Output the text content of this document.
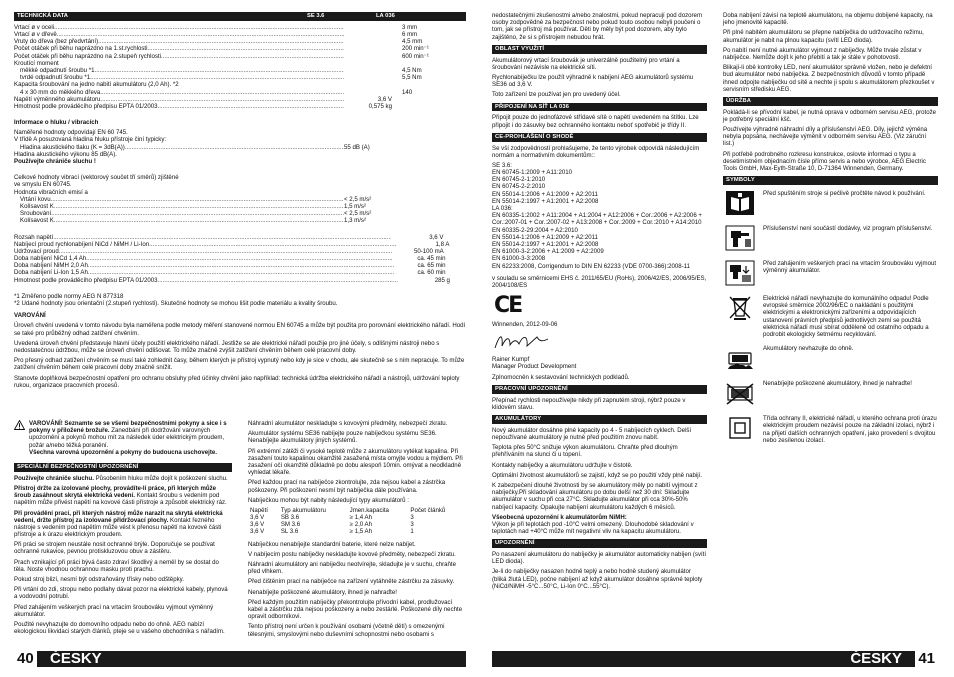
TECHNICKÁ DATA	SE 3.6	LA 036
Vrtací ø v oceli .....	3 mm
Vrtací ø v dřevě .....	6 mm
Vruty do dřeva (bez předvrtání) .....	4,5 mm
Počet otáček při běhu naprázdno na 1.st.rychlosti .....	200 min⁻¹
Počet otáček při běhu naprázdno na 2.stupeň rychlosti .....	600 min⁻¹
Kroutící moment
měkké odpadnutí šroubu *1 .....	4,5 Nm
tvrdé odpadnutí šroubu *1 .....	5,5 Nm
Kapacita šroubování na jedno nabití akumulátoru (2,0 Ah). *2
4 x 30 mm do měkkého dřeva .....	140
Napětí výměnného akumulátoru .....	3,6 V
Hmotnost podle prováděcího předpisu EPTA 01/2003 .....	0,575 kg

Informace o hluku / vibracích

Naměřené hodnoty odpovídají EN 60 745.
V třídě A posuzovaná hladina hluku přístroje činí typicky:
Hladina akustického tlaku (K = 3dB(A)) .....	55 dB (A)
Hladina akustického výkonu 85 dB(A).
Používejte chrániče sluchu !
Celkové hodnoty vibrací (vektorový součet tří směrů) zjištěné
ve smyslu EN 60745.
Hodnota vibračních emisí a
Vrtání kovu .....	< 2,5 m/s²
Kolísavost K .....	1,5 m/s²
Šroubování .....	< 2,5 m/s²
Kolísavost K .....	1,3 m/s²
Rozsah napětí .....	3,6 V
Nabíjecí proud rychlonabíjení NiCd / NiMH / Li-Ion .....	1,8 A
Udržovací proud .....	50-100 mA
Doba nabíjení NiCd 1,4 Ah .....	ca. 45 min
Doba nabíjení NiMH 2,0 Ah .....	ca. 65 min
Doba nabíjení Li-Ion 1,5 Ah .....	ca. 60 min
Hmotnost podle prováděcího předpisu EPTA 01/2003 .....	285 g
*1 Změřeno podle normy AEG N 877318
*2 Udané hodnoty jsou orientační (2.stupeň rychlosti). Skutečné hodnoty se mohou lišit podle materiálu a kvality šroubu.

VAROVÁNÍ

Úroveň chvění uvedená v tomto návodu byla naměřena podle metody měření stanovené normou EN 60745 a může být použita pro porovnání elektrického nářadí. Hodí se také pro průběžný odhad zatížení chvěním.

Uvedená úroveň chvění představuje hlavní účely použití elektrického nářadí. Jestliže se ale elektrické nářadí použije pro jiné účely, s odlišnými nástroji nebo s nedostatečnou údržbou, může se úroveň chvění odlišovat. To může značně zvýšit zatížení chvěním během celé pracovní doby.

Pro přesný odhad zatížení chvěním se musí také zohlednit časy, během kterých je přístroj vypnutý nebo kdy je sice v chodu, ale skutečně se s ním nepracuje. To může zatížení chvěním během celé pracovní doby značně snížit.

Stanovte doplňková bezpečnostní opatření pro ochranu obsluhy před účinky chvění jako například: technická údržba elektrického nářadí a nástrojů, udržování teploty rukou, organizace pracovních procesů.

VAROVÁNÍ! Seznamte se se všemi bezpečnostními pokyny a sice i s pokyny v přiložené brožuře. Zanedbání při dodržování varovných upozornění a pokynů mohou mít za následek úder elektrickým proudem, požár a/nebo těžká poranění.
Všechna varovná upozornění a pokyny do budoucna uschovejte.

SPECIÁLNÍ BEZPEČNOSTNÍ UPOZORNĚNÍ

Používejte chrániče sluchu. Působením hluku může dojít k poškození sluchu.

Přístroj držte za izolované plochy, provádíte-li práce, při kterých může šroub zasáhnout skrytá elektrická vedení. Kontakt šroubu s vedením pod napětím může přivést napětí na kovové části přístroje a způsobit elektrický ráz.

Při provádění prací, při kterých nástroj může narazit na skrytá elektrická vedení, držte přístroj za izolované přidržovací plochy. Kontakt řezného nástroje s vedením pod napětím může vést k přenosu napětí na kovové části přístroje a k úrazu elektrickým proudem.

Při práci se strojem neustále nosit ochranné brýle. Doporučuje se používat ochranné rukavice, pevnou protiskluzovou obuv a zástěru.

Prach vznikající při práci bývá často zdraví škodlivý a neměl by se dostat do těla. Noste vhodnou ochrannou masku proti prachu.

Pokud stroj blizí, nesmí být odstraňovány třísky nebo odštěpky.

Při vrtání do zdi, stropu nebo podlahy dávat pozor na elektrické kabely, plynová a vodovodní potrubí.

Před zahájením veškerých prací na vrtacím šroubováku vyjmout výměnný akumulátor.

Použité nevyhazujte do domovního odpadu nebo do ohně. AEG nabízí ekologickou likvidaci starých článků, pteje se u vašeho obchodníka s nářadím.

Náhradní akumulátor neskladujte s kovovými předměty, nebezpečí zkratu.

Akumulátor systému SE36 nabíjejte pouze nabíječkou systému SE36. Nenabíjejte akumulátory jiných systémů.

Při extrémní zátěži či vysoké teplotě může z akumulátoru vytékat kapalina. Při zasažení touto kapalinou okamžitě zasažená místa omyjte vodou a mýdlem. Při zasažení očí okamžitě důkladně po dobu alespoň 10min. omývat a neodkladně vyhledat lékaře.

Před každou prací na nabíječce zkontrolujte, zda nejsou kabel a zástrčka poškozeny. Při poškození nesmí být nabíječka dále používána.

Nabíječkou mohou být nabity následující typy akumulátorů :

Napětí	Typ akumulátoru	Jmen.kapacita	Počet článků
3,6 V	SB 3.6	≥ 1,4 Ah	3
3,6 V	SM 3.6	≥ 2,0 Ah	3
3,6 V	SL 3.6	≥ 1,5 Ah	1

Nabíječkou nenabíjejte standardní baterie, které nelze nabíjet.

V nabíjecím postu nabíječky neskladujte kovové předměty, nebezpečí zkratu.

Náhradní akumulátory ani nabíječku neotvírejte, skladujte je v suchu, chraňte před vlhkem.

Před čištěním prací na nabíječce na zařízení vytáhněte zástrčku za zásuvky.

Nenabíjejte poškozené akumulátory, ihned je nahraďte!

Před každým použitím nabíječky překontrolujte přívodní kabel, prodlužovací kabel a zástrčku zda nejsou poškozeny a nebo zestárlé. Poškozené díly nechte opravit odborníkovi.

Tento přístroj není určen k používání osobami (včetně dětí) s omezenými tělesnými, smyslovými nebo duševními schopnostmi nebo osobami s

40 ČESKY

nedostatečnými zkušenostmi a/nebo znalostmi, pokud nepracují pod dozorem osoby zodpovědné za bezpečnost nebo pokud touto osobou nebyli poučeni o tom, jak se přístroj má používat. Děti by měly být pod dozorem, aby bylo zajištěno, že si s přístrojem nebudou hrát.

OBLAST VYUŽITÍ

Akumulátorový vrtací šroubovák je univerzálně použitelný pro vrtání a šroubování nezávisle na elektrické síti.

Rychlonabíječku lze použít výhradně k nabíjení AEG akumulátorů systému SE36 od 3,6 V.

Toto zařízení lze používat jen pro uvedený účel.

PŘIPOJENÍ NA SÍŤ LA 036

Připojit pouze do jednofázové střídavé sítě o napětí uvedeném na štítku. Lze připojit i do zásuvky bez ochranného kontaktu neboť spotřebič je třídy II.

CE-PROHLÁŠENÍ O SHODĚ

Se vší zodpovědností prohlašujeme, že tento výrobek odpovídá následujícím normám a normativním dokumentům::

SE 3.6:
EN 60745-1:2009 + A11:2010
EN 60745-2-1:2010
EN 60745-2-2:2010
EN 55014-1:2006 + A1:2009 + A2:2011
EN 55014-2:1997 + A1:2001 + A2:2008
LA 036:
EN 60335-1:2002 + A11:2004 + A1:2004 + A12:2006 + Cor.:2006 + A2:2006 + Cor.:2007-01 + Cor.:2007-02 + A13:2008 + Cor.:2009 + Cor.:2010 + A14:2010
EN 60335-2-29:2004 + A2:2010
EN 55014-1:2006 + A1:2009 + A2:2011
EN 55014-2:1997 + A1:2001 + A2:2008
EN 61000-3-2:2006 + A1:2009 + A2:2009
EN 61000-3-3:2008
EN 62233:2008, Corrigendum to DIN EN 62233 (VDE 0700-366):2008-11

v souladu se směrnicemi EHS č. 2011/65/EU (RoHs), 2006/42/ES, 2006/95/ES, 2004/108/ES

CE

Winnenden, 2012-09-06

Rainer Kumpf

Manager Product Development

Zplnomocněn k sestavování technických podkladů.

PRACOVNÍ UPOZORNĚNÍ

Přepínač rychlosti nepoužívejte nikdy při zapnutém stroji, nýbrž pouze v klidovém stavu.

AKUMULÁTORY

Nový akumulátor dosáhne plné kapacity po 4 - 5 nabíjecích cyklech. Delší nepoužívané akumulátory je nutné před použitím znovu nabít.

Teplota přes 50°C snižuje výkon akumulátoru. Chraňte před dlouhým přehříváním na slunci či u topení.

Kontakty nabíječky a akumulátoru udržujte v čistotě.

Optimální životnost akumulátorů se zajistí, když se po použití vždy plně nabijí.

K zabezpečení dlouhé životnosti by se akumulátory měly po nabití vyjmout z nabíječky.Při skladování akumulátoru po dobu delší než 30 dní: Skladujte akumulátor v suchu při cca 27°C. Skladujte akumulátor při cca 30%-50% nabíjecí kapacity. Opakujte nabíjení akumulátoru každých 6 měsíců.

Všeobecná upozornění k akumulátorům NiMH:

Výkon je při teplotách pod -10°C velmi omezený. Dlouhodobé skladování v teplotách nad +40°C může mít negativní vliv na kapacitu akumulátoru.

UPOZORNĚNÍ

Po nasazení akumulátoru do nabíječky je akumulátor automaticky nabíjen (svítí LED dioda).

Je-li do nabíječky nasazen hodně teplý a nebo hodně studený akumulátor (bliká žlutá LED), počne nabíjení až když akumulátor dosáhne správné teploty (NiCd/NiMH -5°C...50°C, Li-Ion 0°C...55°C).

Doba nabíjení závisí na teplotě akumulátoru, na objemu dobíjené kapacity, na jeho jmenovité kapacitě.

Při plně nabitém akumulátoru se přepne nabíječka do udržovacího režimu, akumulátor je nabit na plnou kapacitu (svítí LED dioda).

Po nabití není nutné akumulátor vyjmout z nabíječky. Může trvale zůstat v nabíječce. Nemůže dojít k jeho přebití a tak je stále v pohotovosti.

Blikají-li obě kontrolky LED, není akumulátor správně vložen, nebo je defektní bud akumulátor nebo nabíječka. Z bezpečnostních důvodů v tomto případě ihned odpojte nabíječku od sítě a nechte ji spolu s akumulátorem přezkoušet v servisním středisku AEG.

ÚDRŽBA

Pokládá-li se přívodní kabel, je nutná oprava v odborném servisu AEG, protože je potřebný speciální kšč.

Používejte výhradně náhradní díly a příslušenství AEG. Díly, jejichž výměna nebyla popsána, nechávejte výměnit v odborném servisu AEG. (Viz záruční list.)

Při potřebě podrobného rozkresu konstrukce, oslovte informaci o typu a desetimístném objednacím čísle přímo servis a nebo výrobce, AEG Electric Tools GmbH, Max-Eyth-Straße 10, D-71364 Winnenden, Germany.

SYMBOLY
Před spuštěním stroje si pečlivě pročtěte návod k používání.
Příslušenství není součástí dodávky, viz program příslušenství.
Před zahájením veškerých prací na vrtacím šroubováku vyjmout výměnný akumulátor.
Elektrické nářadí nevyhazujte do komunálního odpadu! Podle evropské směrnice 2002/96/EC o nakládání s použitými elektrickými a elektronickými zařízeními a odpovídajících ustanovení právních předpisů jednotlivých zemí se použitá elektrická nářadí musí sbírat odděleně od ostatního odpadu a podrobit ekologicky šetrnému recyklování.
Akumulátory nevhazujte do ohně.
Nenabíjejte poškozené akumulátory, ihned je nahraďte!
Třída ochrany II, elektrické nářadí, u kterého ochrana proti úrazu elektrickým proudem nezávisí pouze na základní izolaci, nýbrž i na přijetí dalších ochranných opatření, jako provedení s dvojitou nebo zesílenou izolací.
ČESKY 41
